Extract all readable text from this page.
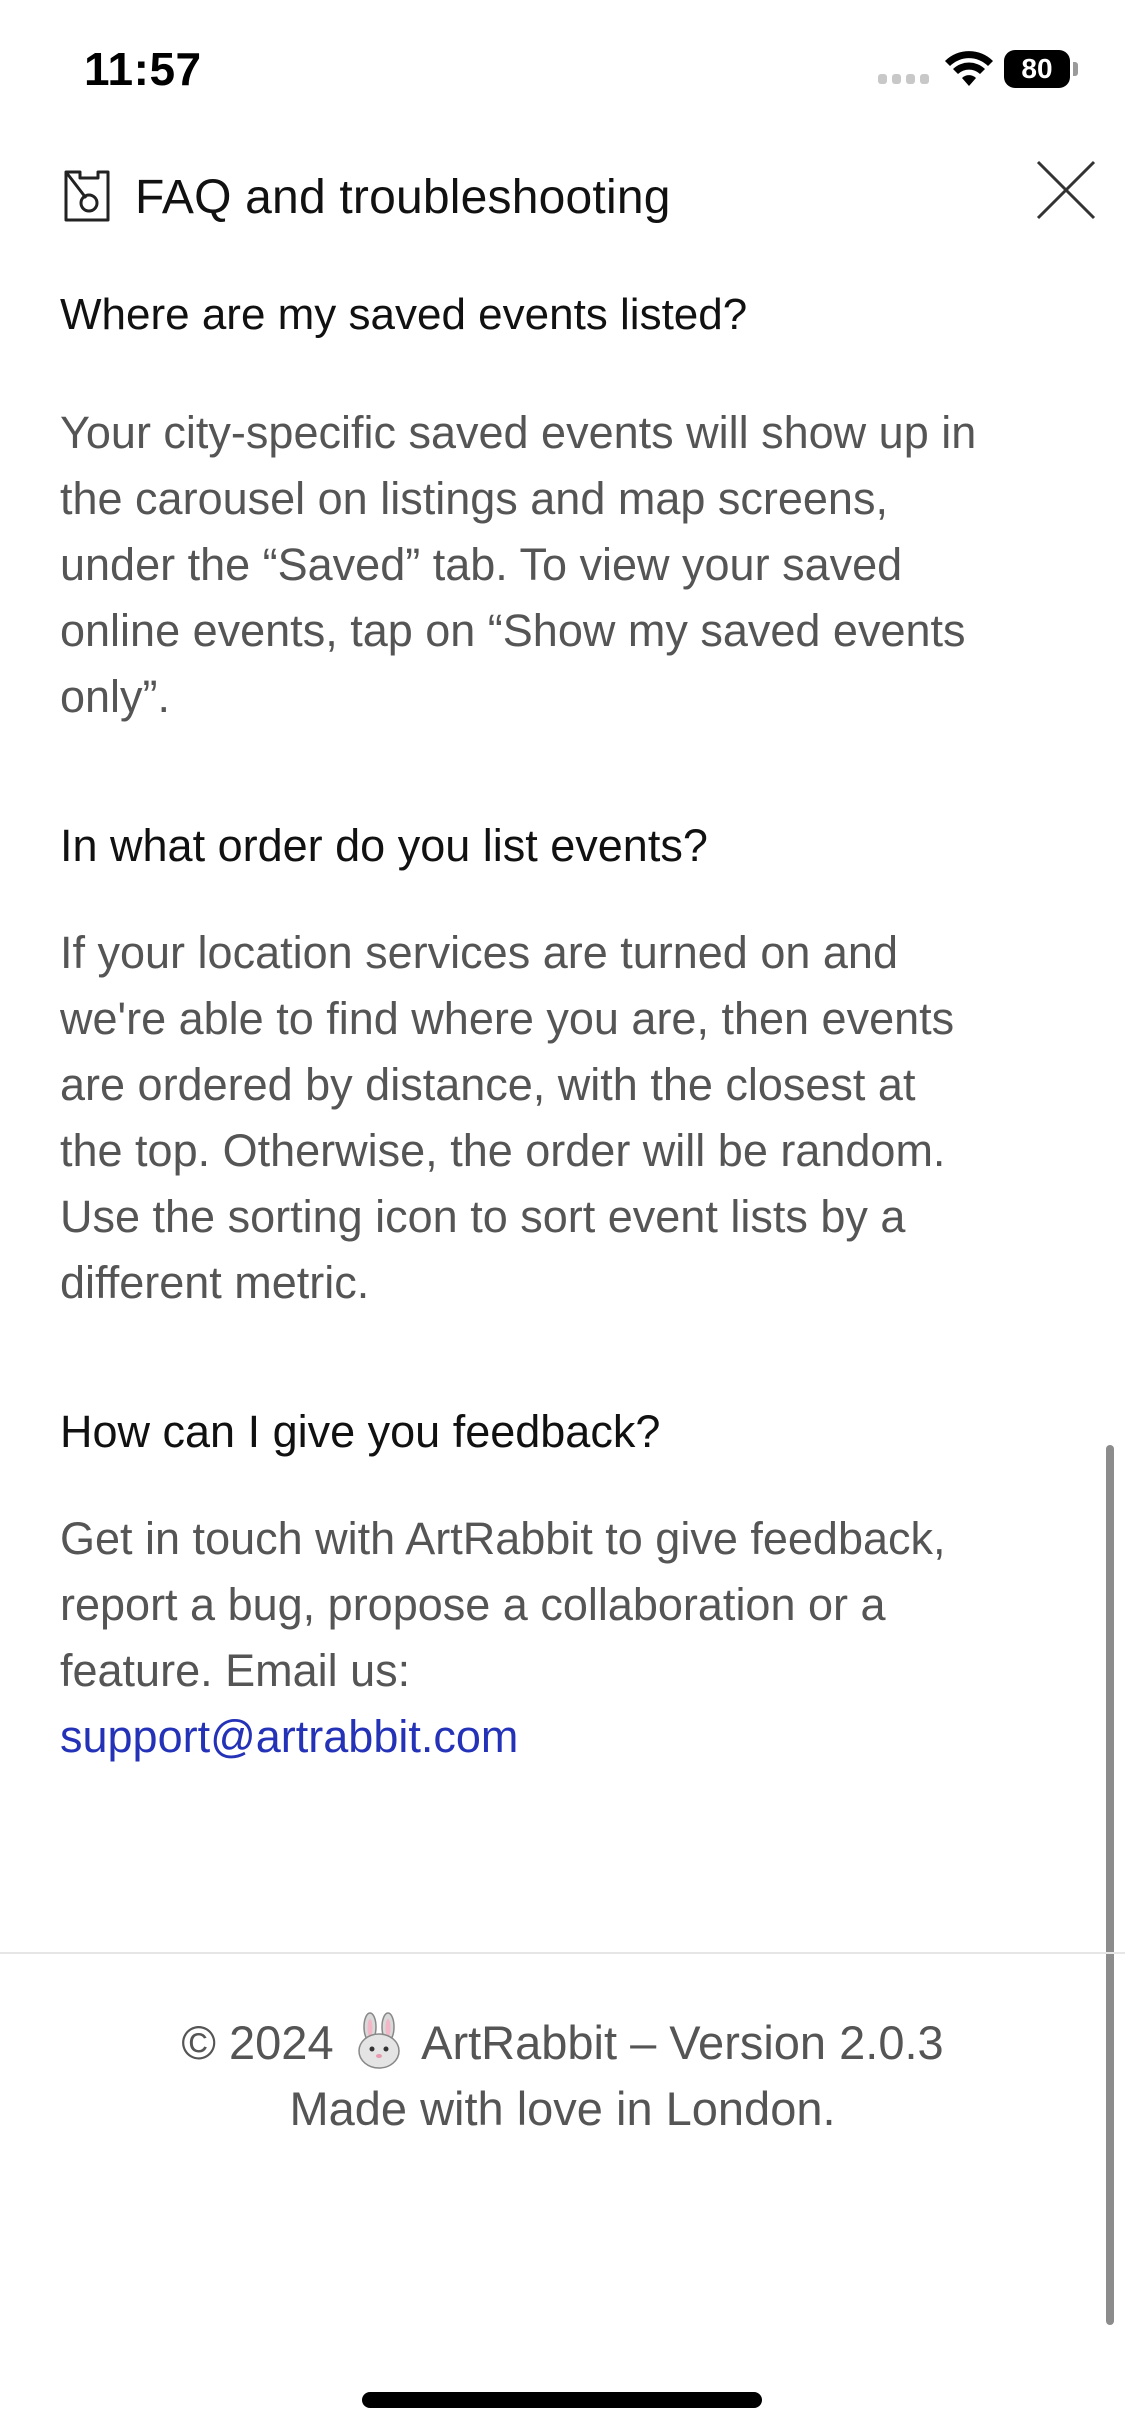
11:57	80
FAQ and troubleshooting
Where are my saved events listed?
Your city-specific saved events will show up in
the carousel on listings and map screens,
under the “Saved” tab. To view your saved
online events, tap on “Show my saved events
only”.
In what order do you list events?
If your location services are turned on and
we're able to find where you are, then events
are ordered by distance, with the closest at
the top. Otherwise, the order will be random.
Use the sorting icon to sort event lists by a
different metric.
How can I give you feedback?
Get in touch with ArtRabbit to give feedback,
report a bug, propose a collaboration or a
feature. Email us:
support@artrabbit.com
© 2024 ArtRabbit – Version 2.0.3
Made with love in London.
